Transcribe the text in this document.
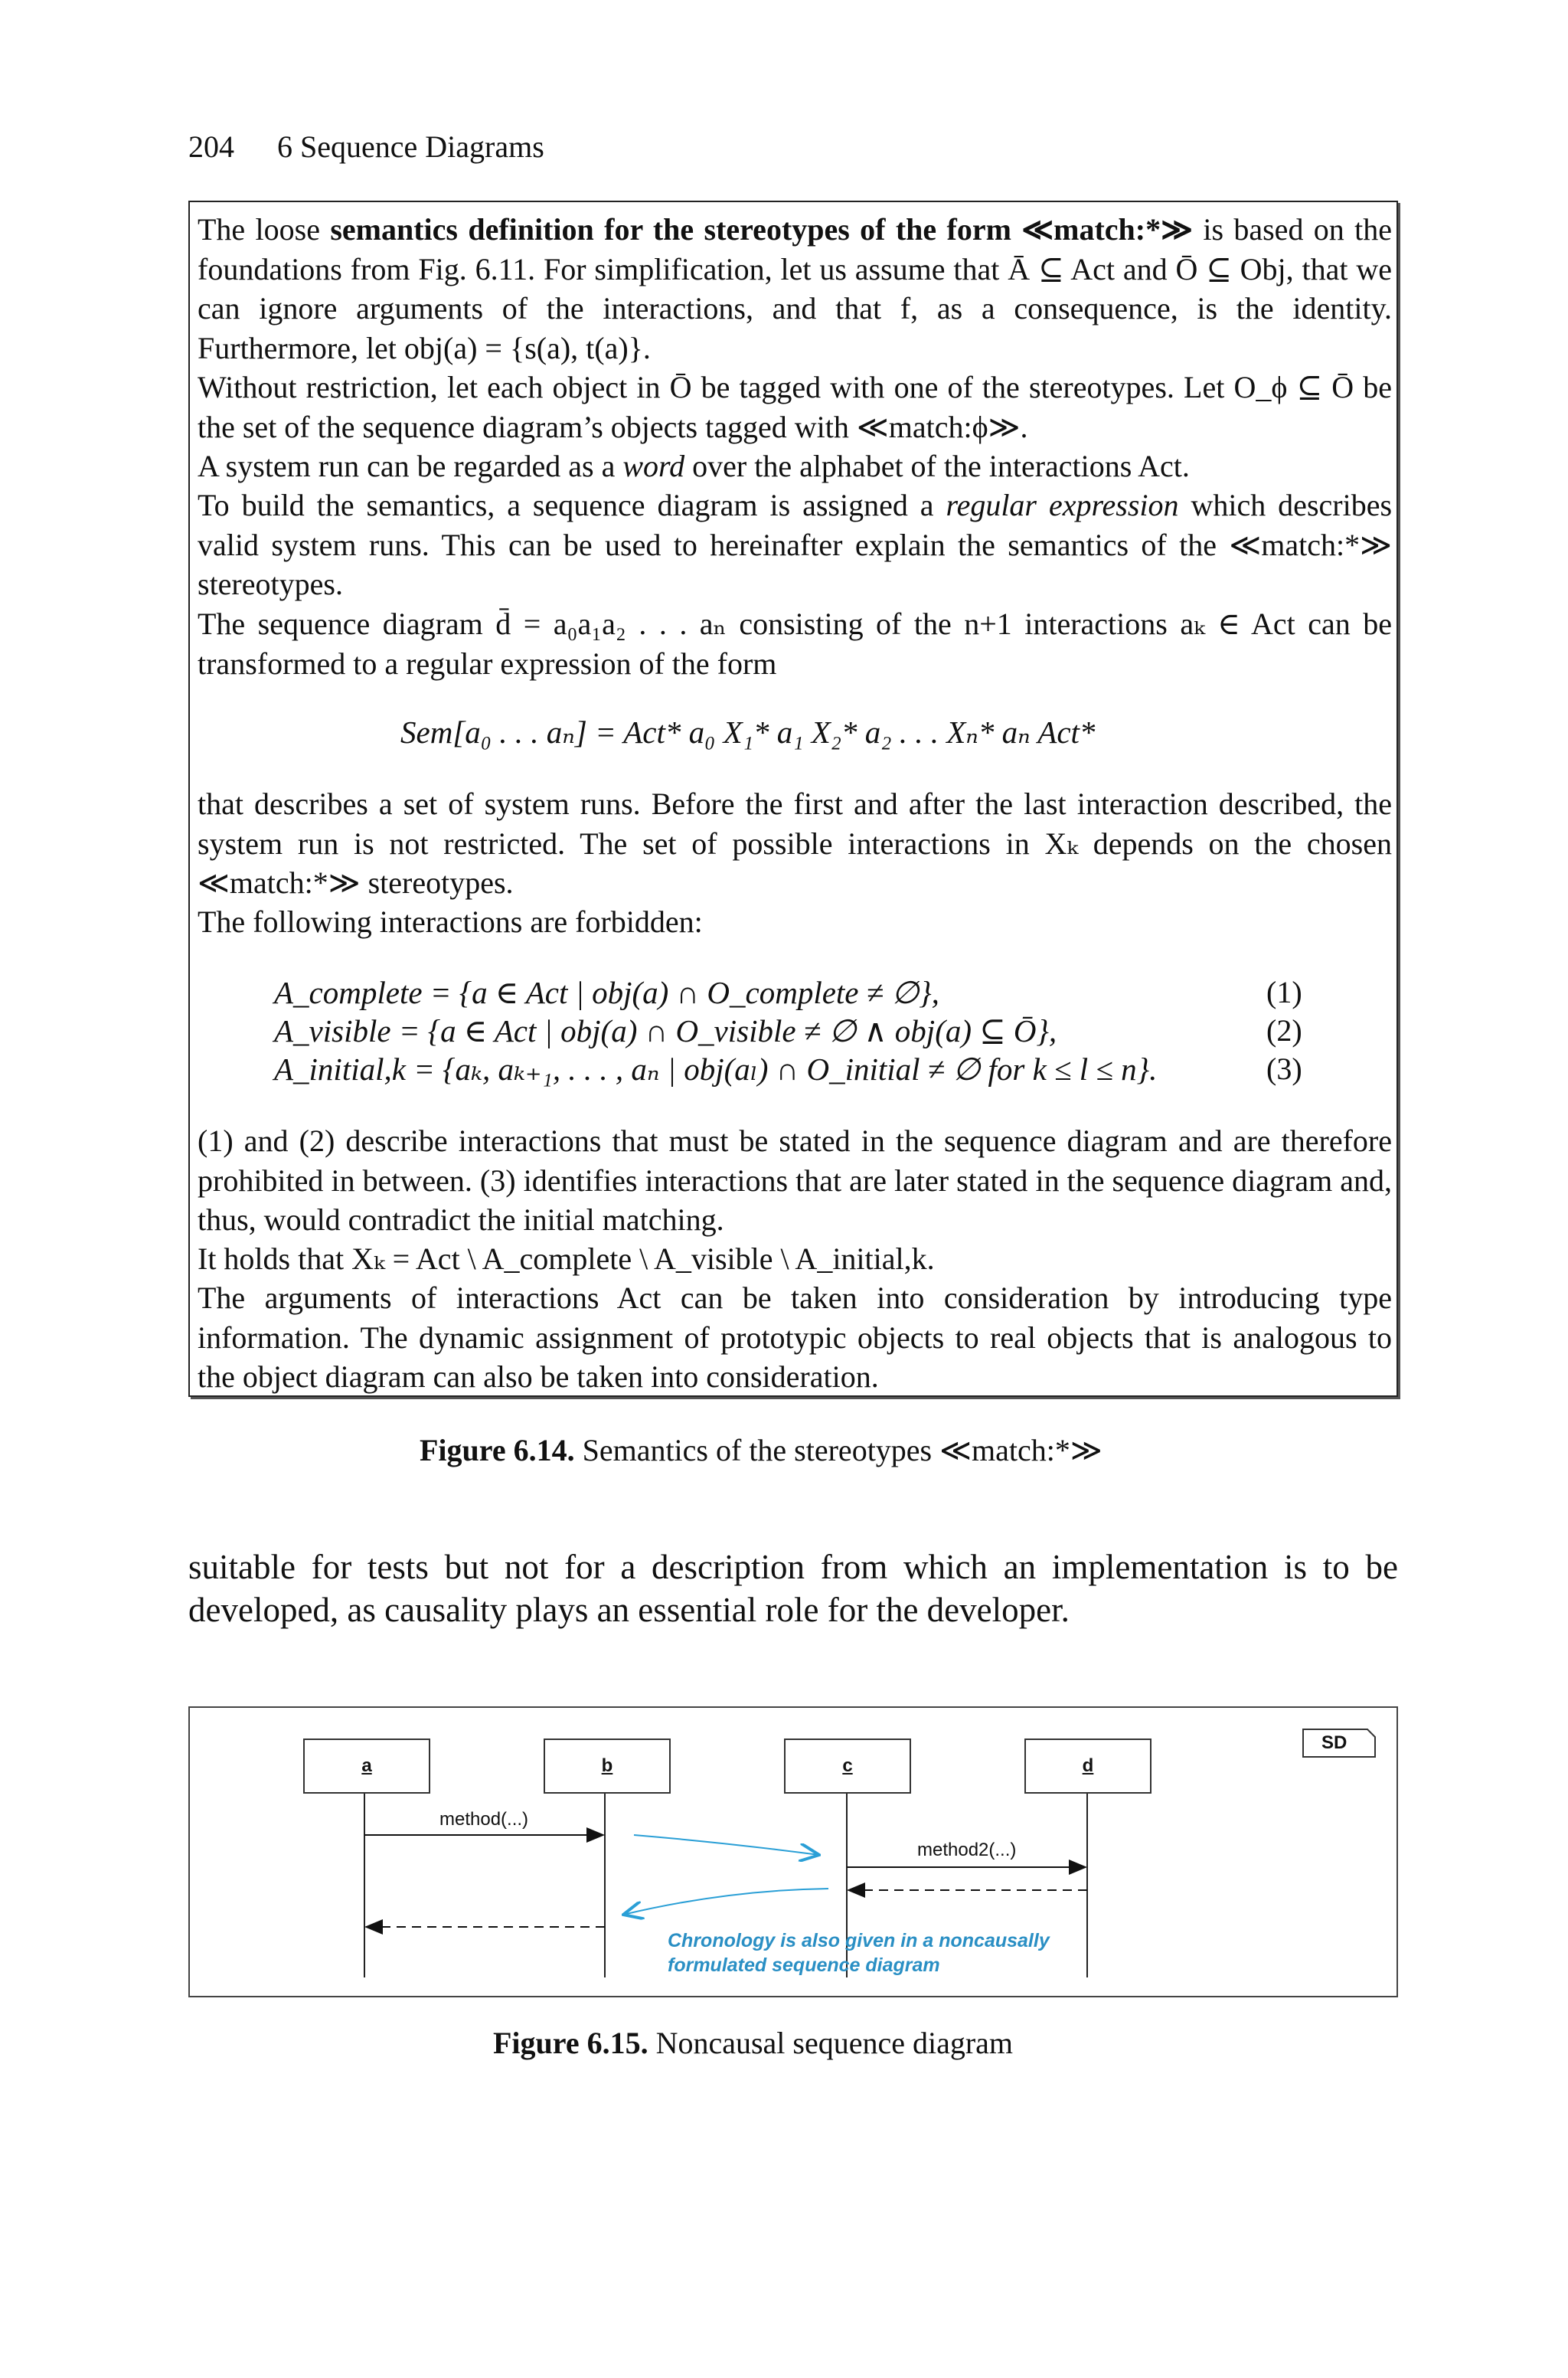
204 6 Sequence Diagrams
The loose semantics definition for the stereotypes of the form ≪match:*≫ is based on the foundations from Fig. 6.11. For simplification, let us assume that Ā ⊆ Act and Ō ⊆ Obj, that we can ignore arguments of the interactions, and that f, as a consequence, is the identity. Furthermore, let obj(a) = {s(a), t(a)}.
Without restriction, let each object in Ō be tagged with one of the stereotypes. Let O_ϕ ⊆ Ō be the set of the sequence diagram’s objects tagged with ≪match:ϕ≫.
A system run can be regarded as a word over the alphabet of the interactions Act.
To build the semantics, a sequence diagram is assigned a regular expression which describes valid system runs. This can be used to hereinafter explain the semantics of the ≪match:*≫ stereotypes.
The sequence diagram d̄ = a₀a₁a₂ . . . aₙ consisting of the n+1 interactions aₖ ∈ Act can be transformed to a regular expression of the form
Sem[a₀ . . . aₙ] = Act* a₀ X₁* a₁ X₂* a₂ . . . Xₙ* aₙ Act*
that describes a set of system runs. Before the first and after the last interaction described, the system run is not restricted. The set of possible interactions in Xₖ depends on the chosen ≪match:*≫ stereotypes.
The following interactions are forbidden:
A_complete = {a ∈ Act | obj(a) ∩ O_complete ≠ ∅},	(1)
A_visible = {a ∈ Act | obj(a) ∩ O_visible ≠ ∅ ∧ obj(a) ⊆ Ō},	(2)
A_initial,k = {aₖ, aₖ₊₁, . . . , aₙ | obj(aₗ) ∩ O_initial ≠ ∅ for k ≤ l ≤ n}.	(3)
(1) and (2) describe interactions that must be stated in the sequence diagram and are therefore prohibited in between. (3) identifies interactions that are later stated in the sequence diagram and, thus, would contradict the initial matching.
It holds that Xₖ = Act \ A_complete \ A_visible \ A_initial,k.
The arguments of interactions Act can be taken into consideration by introducing type information. The dynamic assignment of prototypic objects to real objects that is analogous to the object diagram can also be taken into consideration.
Figure 6.14. Semantics of the stereotypes ≪match:*≫
suitable for tests but not for a description from which an implementation is to be developed, as causality plays an essential role for the developer.
a	b	c	d
SD
method(...)
method2(...)
Chronology is also given in a noncausally formulated sequence diagram
Figure 6.15. Noncausal sequence diagram
